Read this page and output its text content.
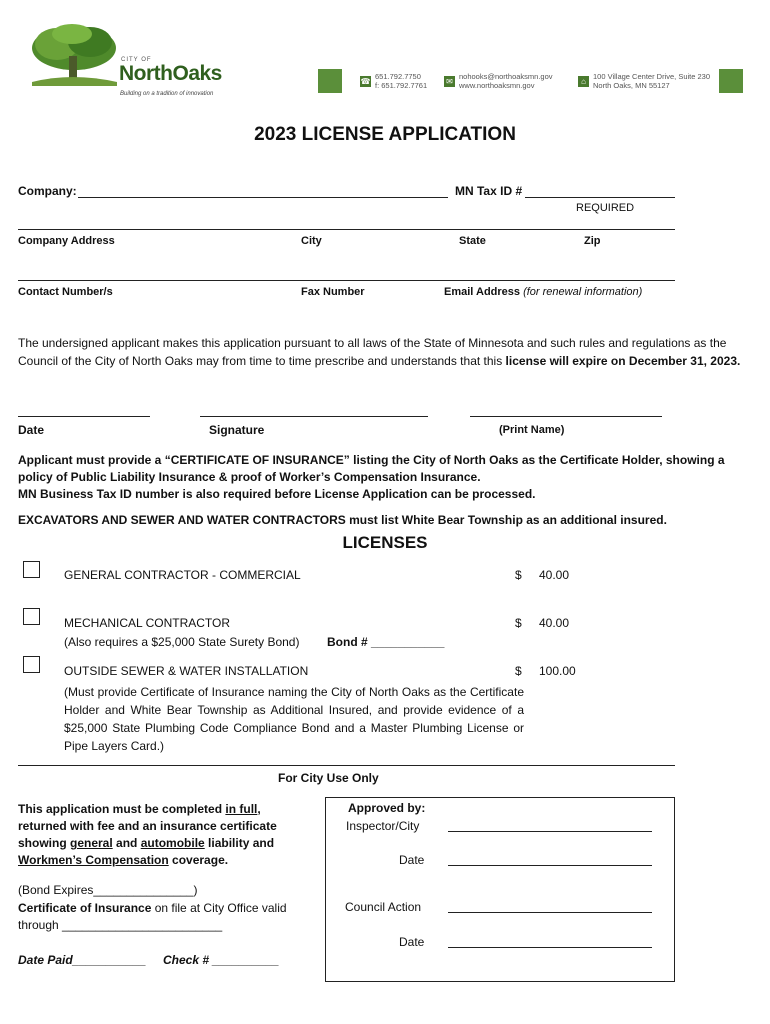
CITY OF
NorthOaks
Building on a tradition of innovation
☎
651.792.7750
f: 651.792.7761 ✉
nohooks@northoaksmn.gov
www.northoaksmn.gov	⌂
100 Village Center Drive, Suite 230
North Oaks, MN 55127
2023 LICENSE APPLICATION
Company:	MN Tax ID #
REQUIRED
Company Address	City	State	Zip
Contact Number/s	Fax Number	Email Address (for renewal information)
The undersigned applicant makes this application pursuant to all laws of the State of Minnesota and such rules and regulations as the Council of the City of North Oaks may from time to time prescribe and understands that this license will expire on December 31, 2023.
Date	Signature	(Print Name)
Applicant must provide a “CERTIFICATE OF INSURANCE” listing the City of North Oaks as the Certificate Holder, showing a policy of Public Liability Insurance & proof of Worker’s Compensation Insurance.
MN Business Tax ID number is also required before License Application can be processed.
EXCAVATORS AND SEWER AND WATER CONTRACTORS must list White Bear Township as an additional insured.
LICENSES
GENERAL CONTRACTOR - COMMERCIAL	$ 40.00
MECHANICAL CONTRACTOR	$ 40.00
(Also requires a $25,000 State Surety Bond) Bond # ___________
OUTSIDE SEWER & WATER INSTALLATION	$ 100.00
(Must provide Certificate of Insurance naming the City of North Oaks as the Certificate Holder and White Bear Township as Additional Insured, and provide evidence of a $25,000 State Plumbing Code Compliance Bond and a Master Plumbing License or Pipe Layers Card.)
For City Use Only
This application must be completed in full, returned with fee and an insurance certificate showing general and automobile liability and Workmen’s Compensation coverage.
(Bond Expires_______________)
Certificate of Insurance on file at City Office valid through ________________________
Date Paid___________ Check # __________
Approved by:
Inspector/City
Date
Council Action
Date
